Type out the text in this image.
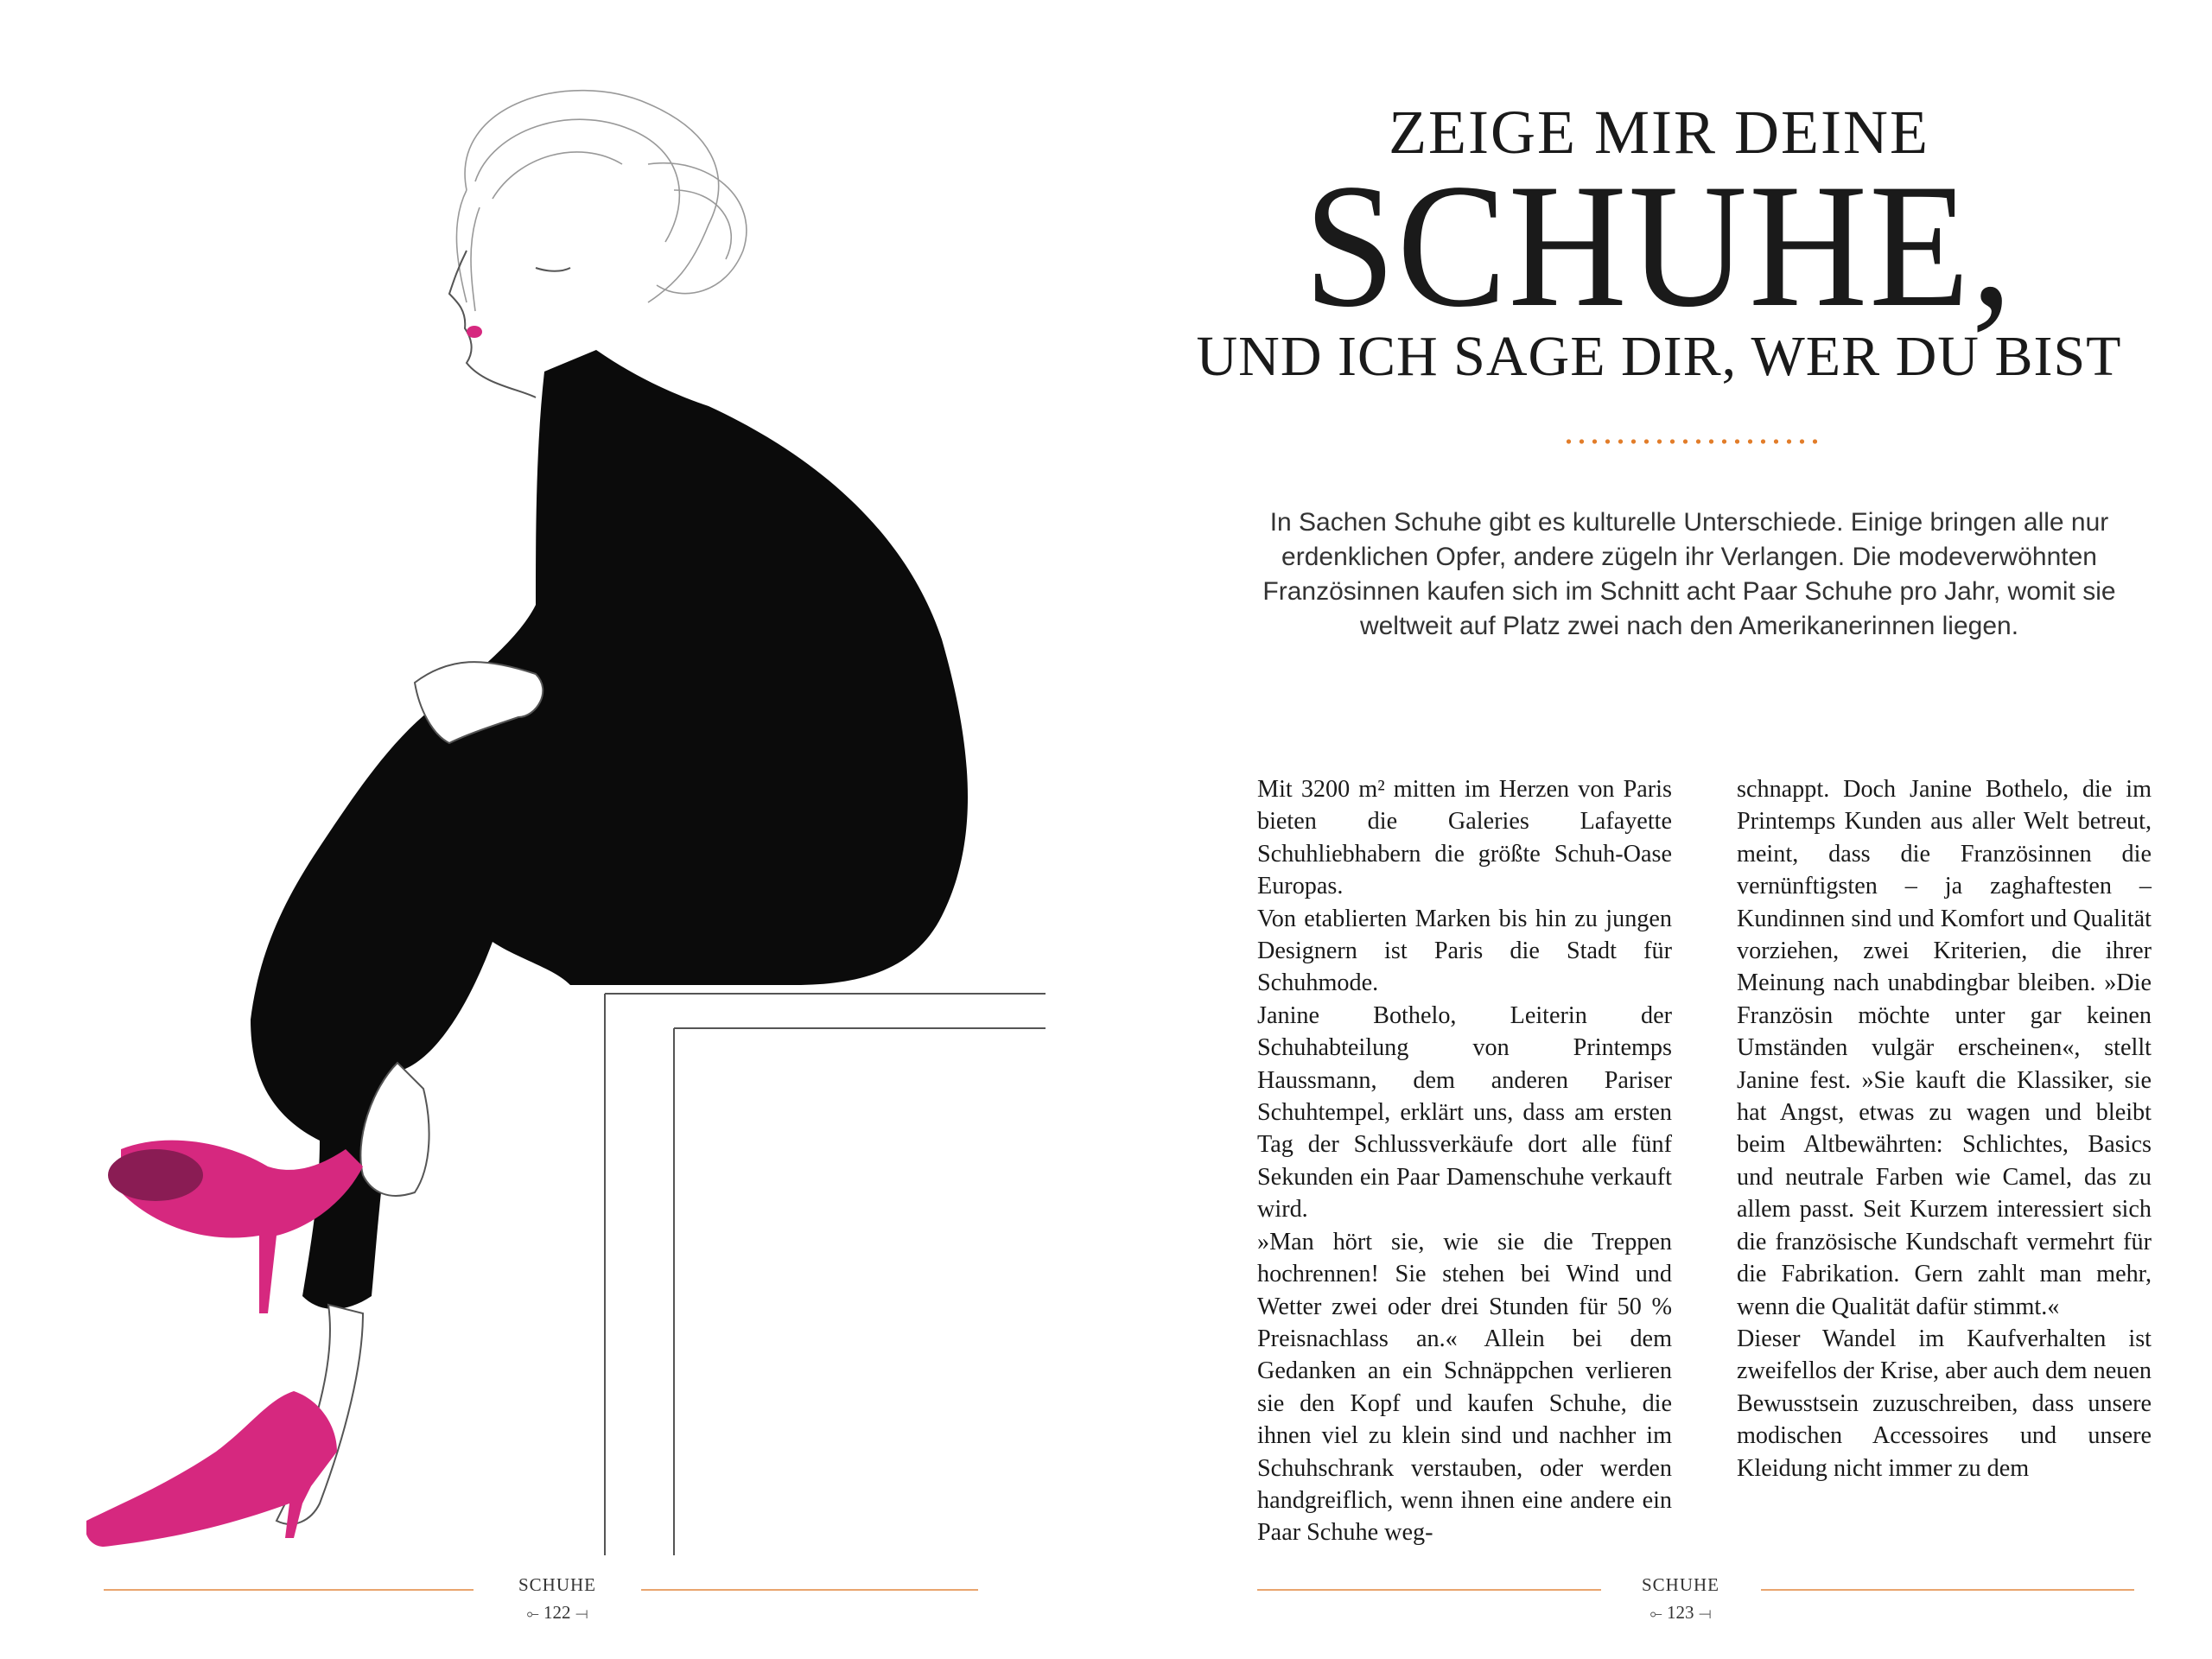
SCHUHE
⟜ 122 ⟞
ZEIGE MIR DEINE
SCHUHE,
UND ICH SAGE DIR, WER DU BIST
In Sachen Schuhe gibt es kulturelle Unterschiede. Einige bringen alle nur erdenklichen Opfer, andere zügeln ihr Verlangen. Die modeverwöhnten Französinnen kaufen sich im Schnitt acht Paar Schuhe pro Jahr, womit sie weltweit auf Platz zwei nach den Amerikanerinnen liegen.

Mit 3200 m² mitten im Herzen von Paris bieten die Galeries Lafayette Schuhliebhabern die größte Schuh-Oase Europas.

Von etablierten Marken bis hin zu jungen Designern ist Paris die Stadt für Schuhmode.

Janine Bothelo, Leiterin der Schuhabteilung von Printemps Haussmann, dem anderen Pariser Schuhtempel, erklärt uns, dass am ersten Tag der Schlussverkäufe dort alle fünf Sekunden ein Paar Damenschuhe verkauft wird.

»Man hört sie, wie sie die Treppen hochrennen! Sie stehen bei Wind und Wetter zwei oder drei Stunden für 50 % Preisnachlass an.« Allein bei dem Gedanken an ein Schnäppchen verlieren sie den Kopf und kaufen Schuhe, die ihnen viel zu klein sind und nachher im Schuhschrank verstauben, oder werden handgreiflich, wenn ihnen eine andere ein Paar Schuhe weg-

schnappt. Doch Janine Bothelo, die im Printemps Kunden aus aller Welt betreut, meint, dass die Französinnen die vernünftigsten – ja zaghaftesten – Kundinnen sind und Komfort und Qualität vorziehen, zwei Kriterien, die ihrer Meinung nach unabdingbar bleiben. »Die Französin möchte unter gar keinen Umständen vulgär erscheinen«, stellt Janine fest. »Sie kauft die Klassiker, sie hat Angst, etwas zu wagen und bleibt beim Altbewährten: Schlichtes, Basics und neutrale Farben wie Camel, das zu allem passt. Seit Kurzem interessiert sich die französische Kundschaft vermehrt für die Fabrikation. Gern zahlt man mehr, wenn die Qualität dafür stimmt.«

Dieser Wandel im Kaufverhalten ist zweifellos der Krise, aber auch dem neuen Bewusstsein zuzuschreiben, dass unsere modischen Accessoires und unsere Kleidung nicht immer zu dem

SCHUHE
⟜ 123 ⟞
